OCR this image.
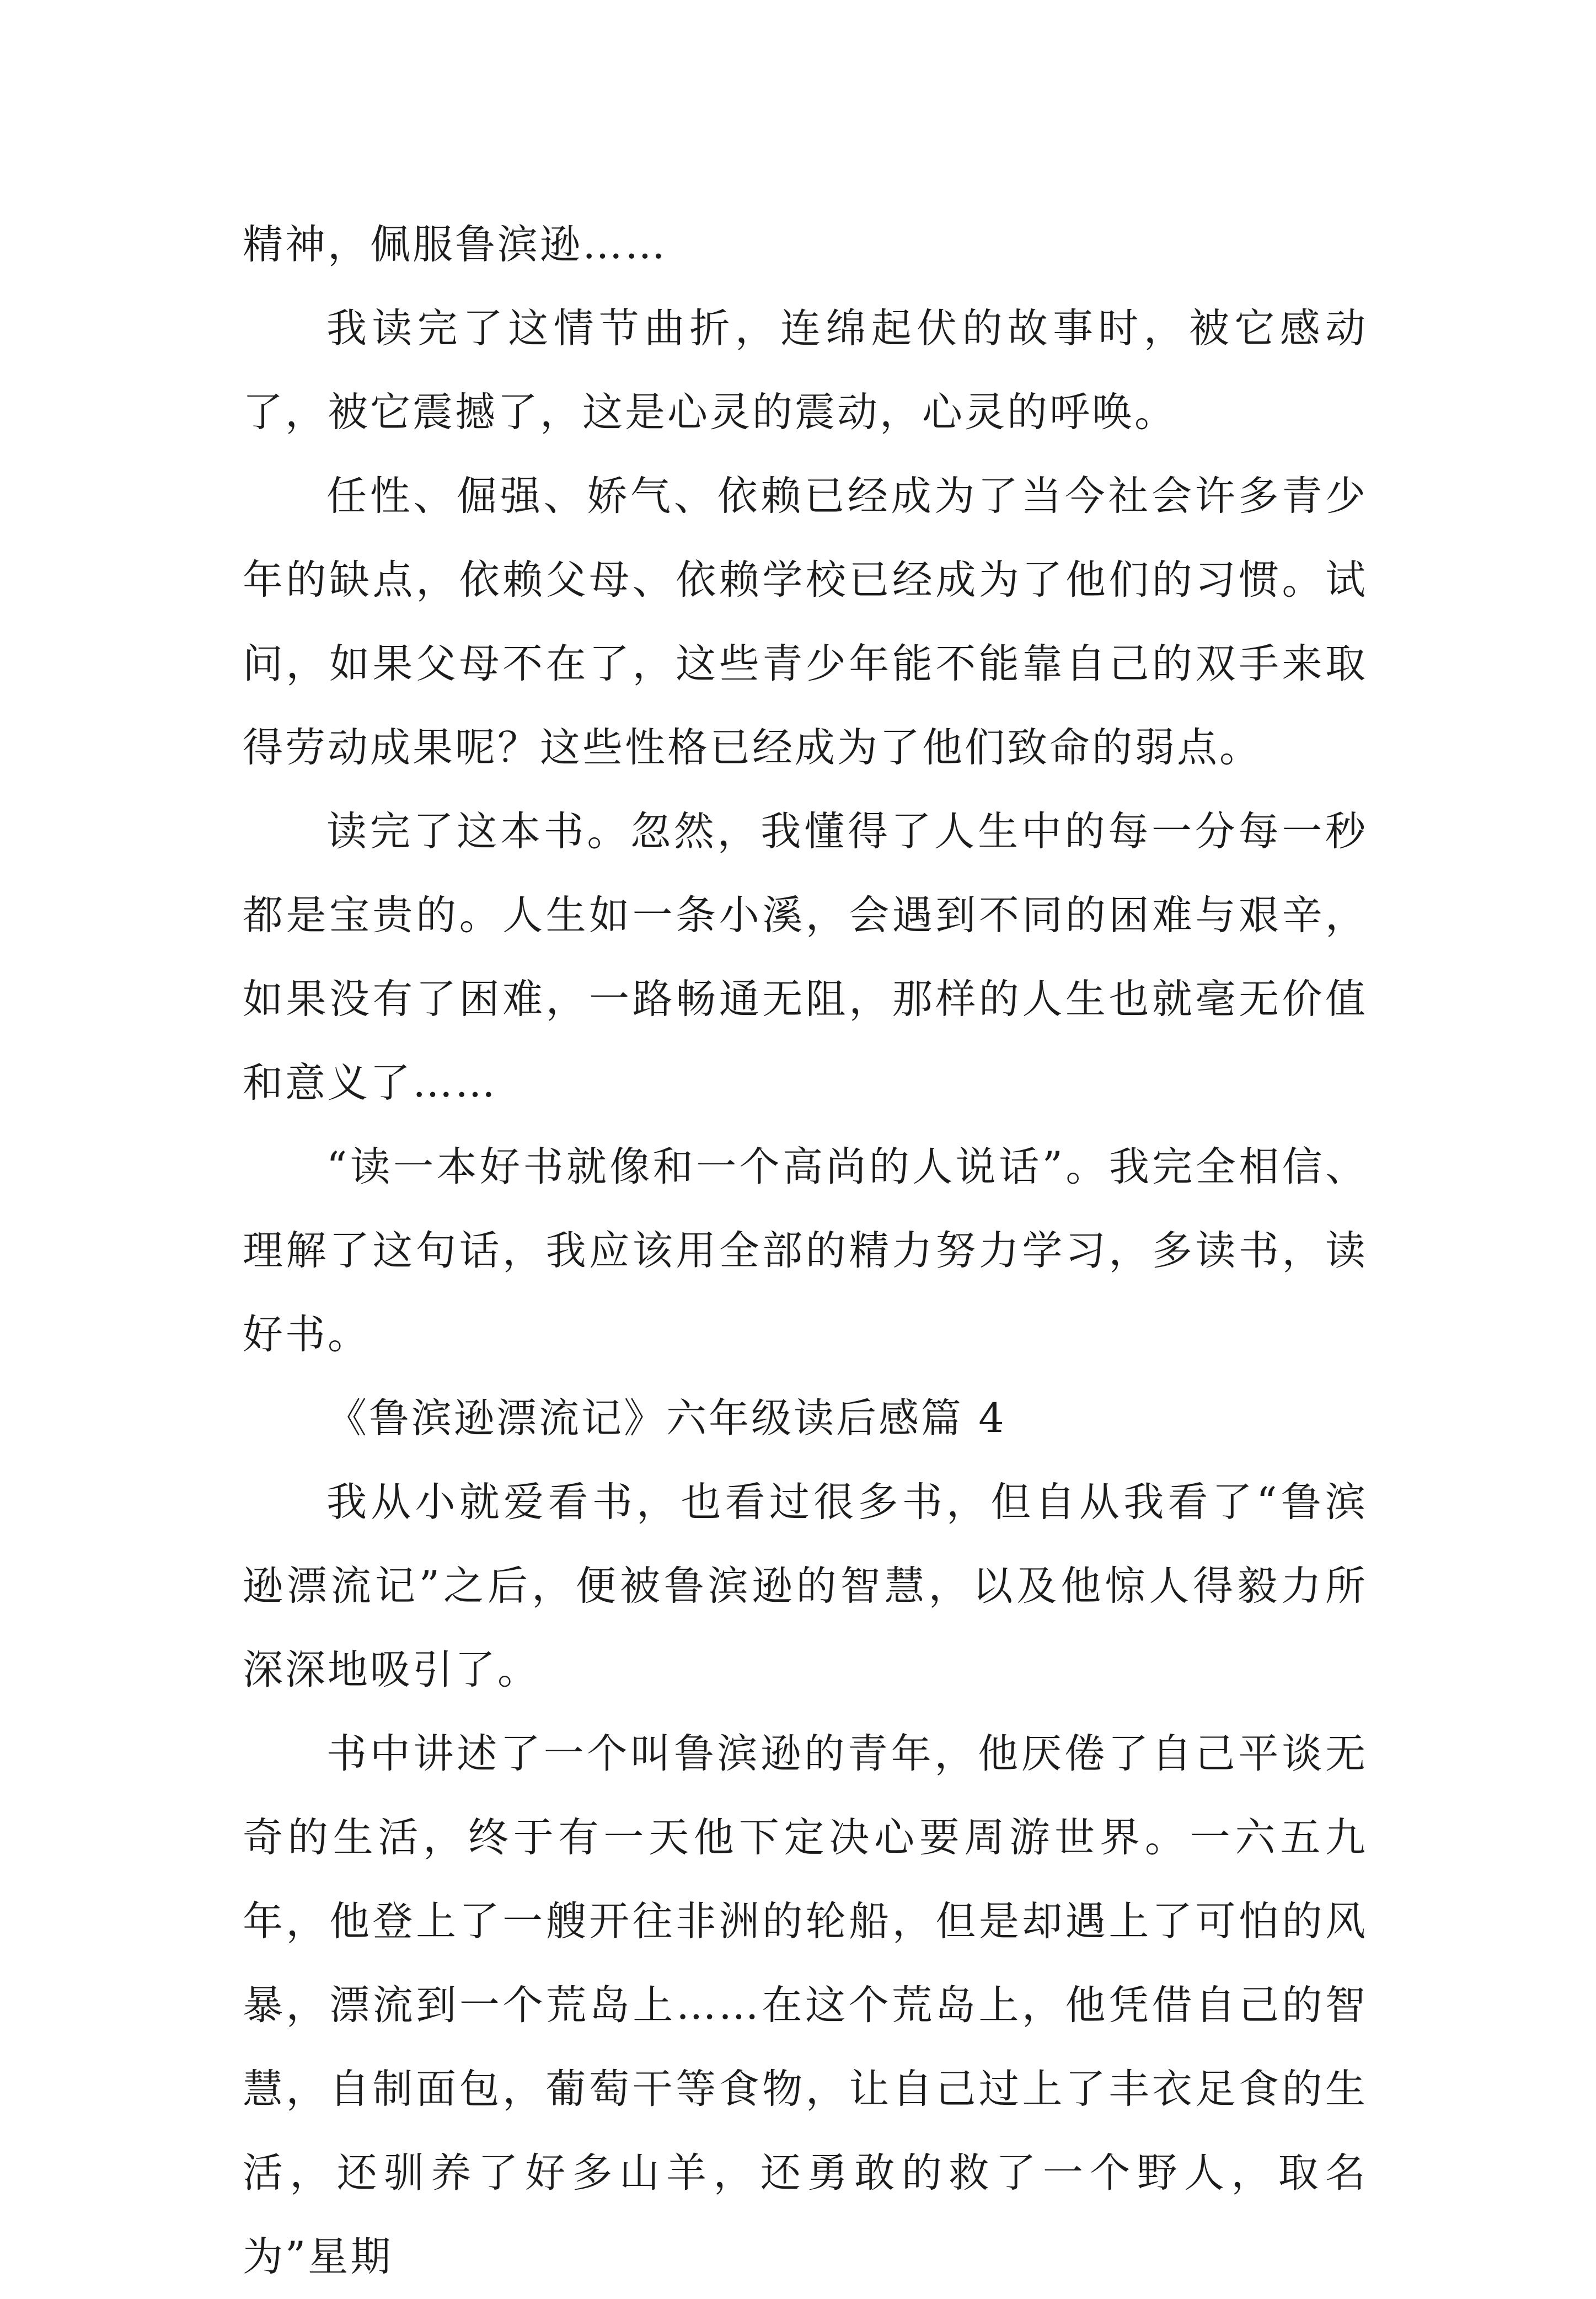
精神，佩服鲁滨逊……

我读完了这情节曲折，连绵起伏的故事时，被它感动了，被它震撼了，这是心灵的震动，心灵的呼唤。

任性、倔强、娇气、依赖已经成为了当今社会许多青少年的缺点，依赖父母、依赖学校已经成为了他们的习惯。试问，如果父母不在了，这些青少年能不能靠自己的双手来取得劳动成果呢？这些性格已经成为了他们致命的弱点。

读完了这本书。忽然，我懂得了人生中的每一分每一秒都是宝贵的。人生如一条小溪，会遇到不同的困难与艰辛，如果没有了困难，一路畅通无阻，那样的人生也就毫无价值和意义了……

“读一本好书就像和一个高尚的人说话”。我完全相信、理解了这句话，我应该用全部的精力努力学习，多读书，读好书。

《鲁滨逊漂流记》六年级读后感篇 4

我从小就爱看书，也看过很多书，但自从我看了“鲁滨逊漂流记”之后，便被鲁滨逊的智慧，以及他惊人得毅力所深深地吸引了。

书中讲述了一个叫鲁滨逊的青年，他厌倦了自己平谈无奇的生活，终于有一天他下定决心要周游世界。一六五九年，他登上了一艘开往非洲的轮船，但是却遇上了可怕的风暴，漂流到一个荒岛上……在这个荒岛上，他凭借自己的智慧，自制面包，葡萄干等食物，让自己过上了丰衣足食的生活，还驯养了好多山羊，还勇敢的救了一个野人，取名为”星期
